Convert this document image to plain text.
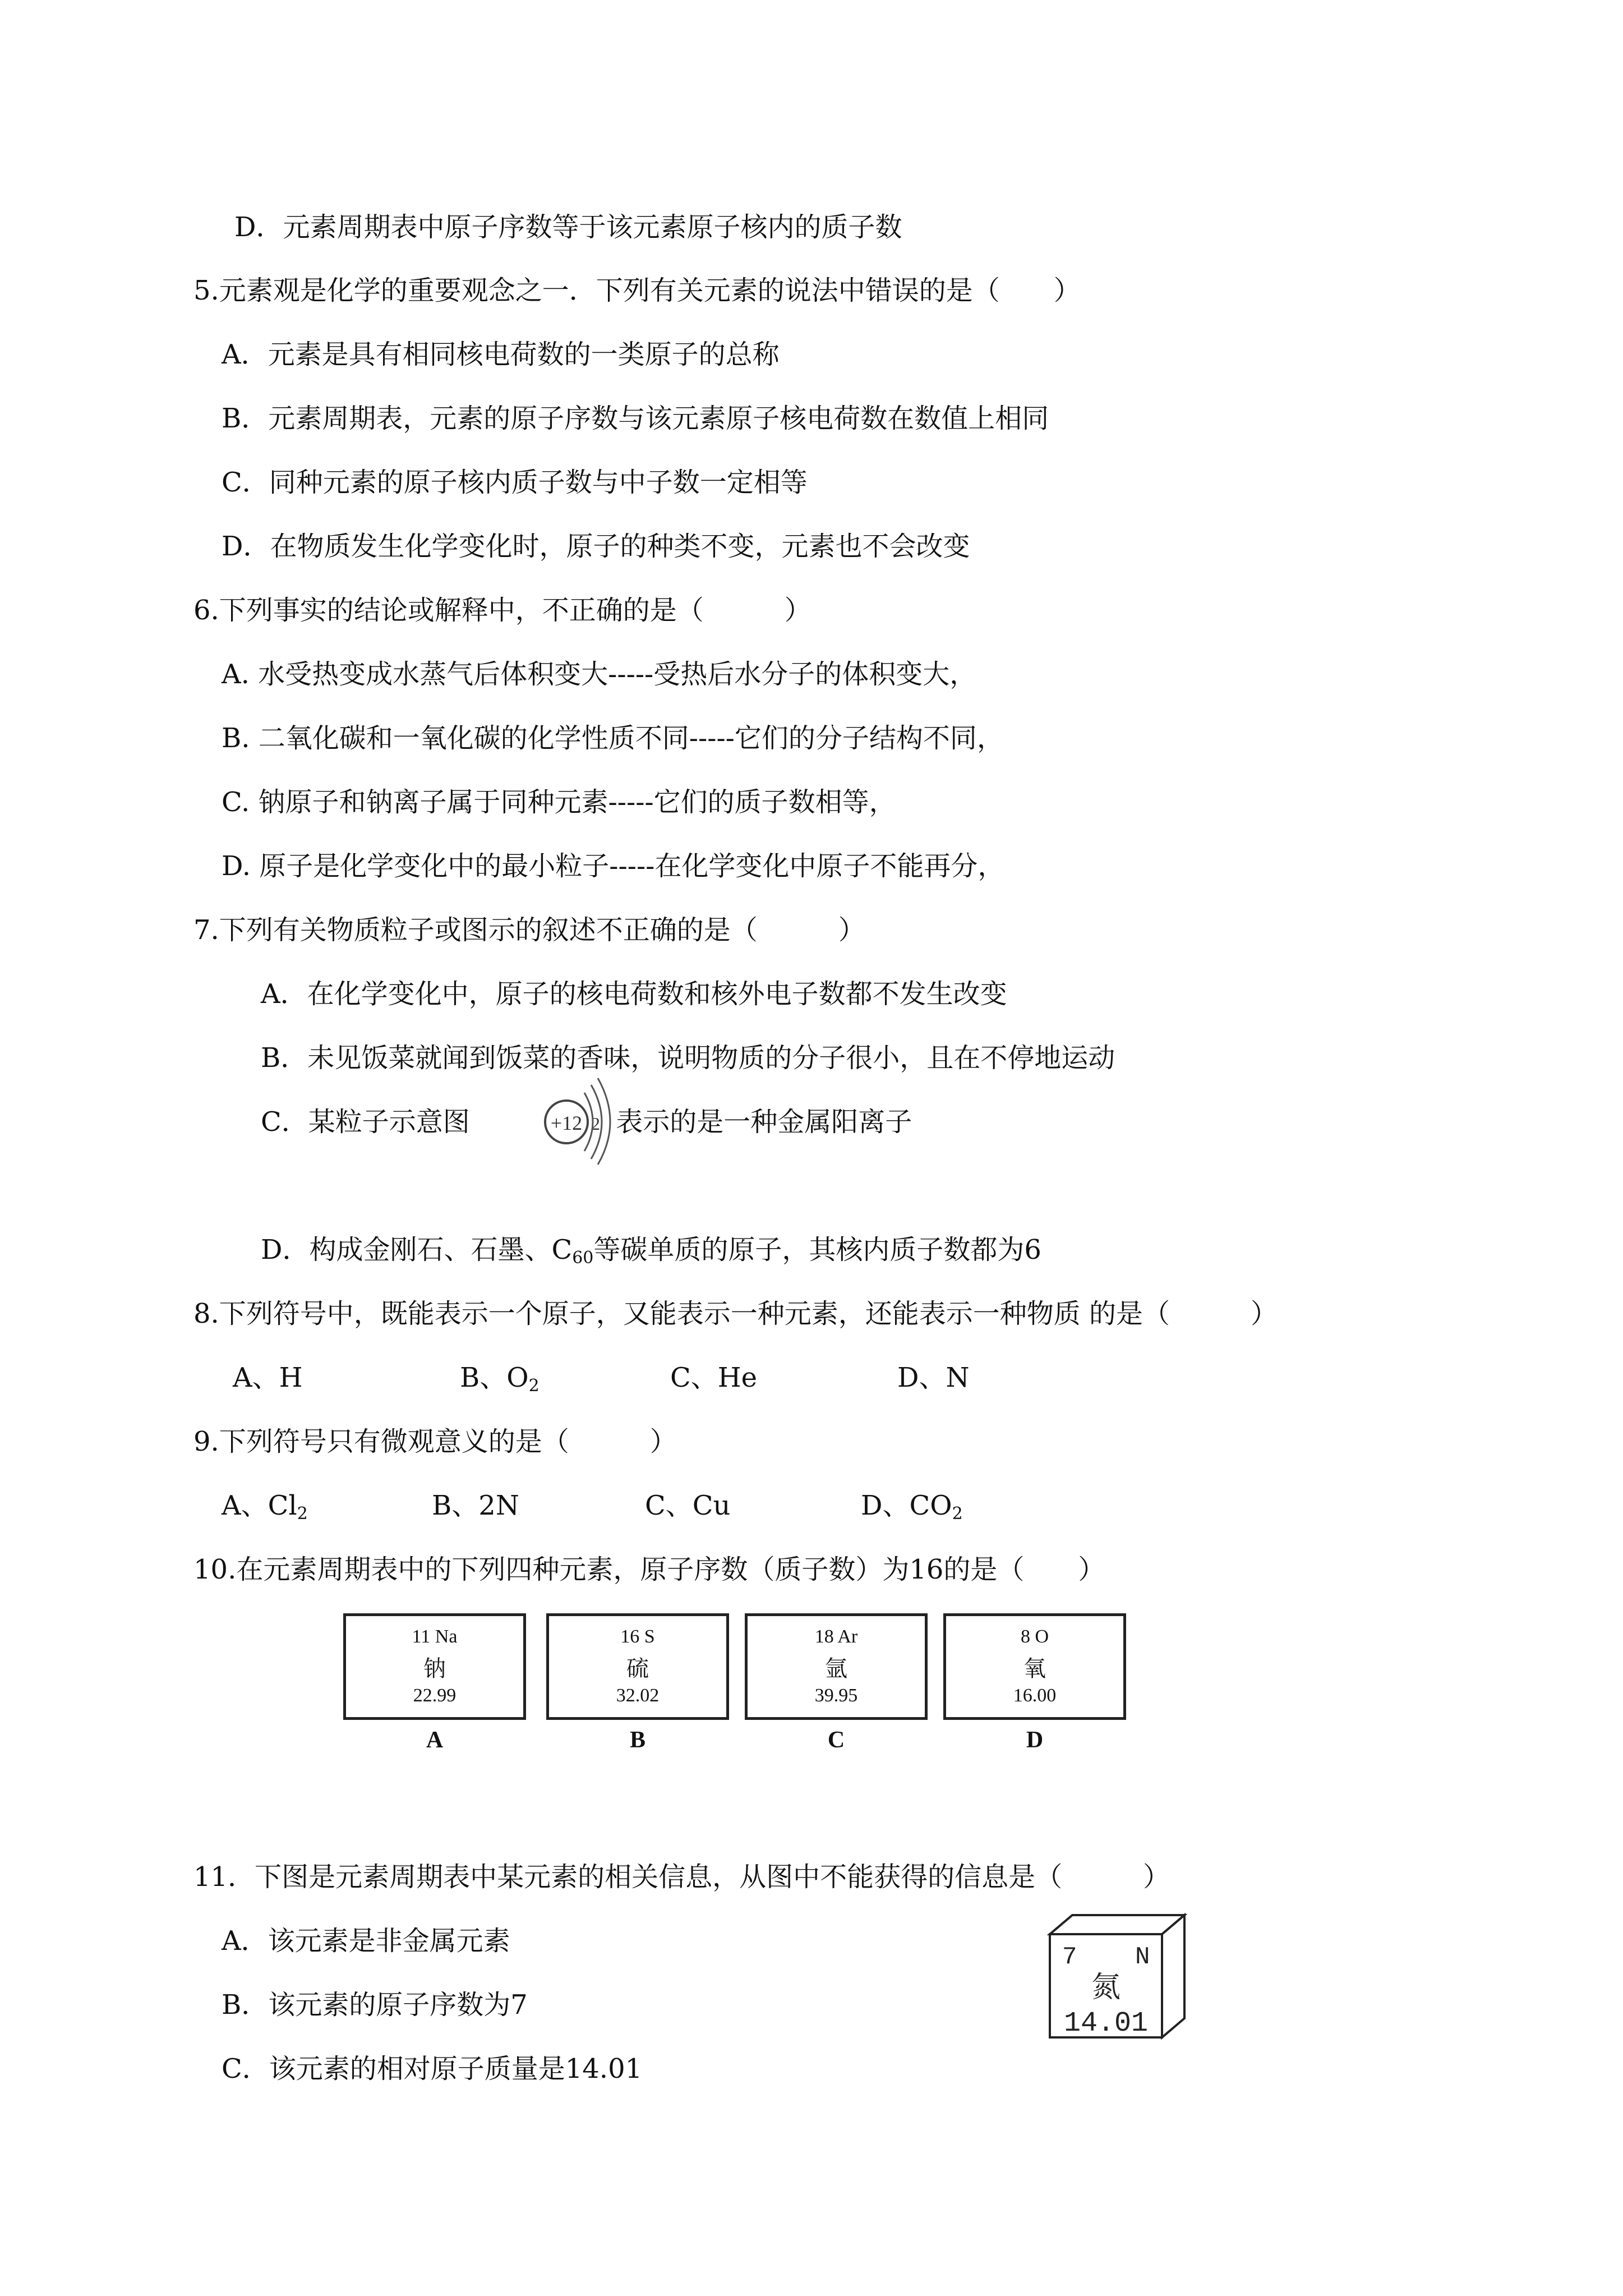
D．元素周期表中原子序数等于该元素原子核内的质子数
5.元素观是化学的重要观念之一．下列有关元素的说法中错误的是（　　）
A．元素是具有相同核电荷数的一类原子的总称
B．元素周期表，元素的原子序数与该元素原子核电荷数在数值上相同
C．同种元素的原子核内质子数与中子数一定相等
D．在物质发生化学变化时，原子的种类不变，元素也不会改变
6.下列事实的结论或解释中，不正确的是（　　　）
A. 水受热变成水蒸气后体积变大-----受热后水分子的体积变大，
B. 二氧化碳和一氧化碳的化学性质不同-----它们的分子结构不同，
C. 钠原子和钠离子属于同种元素-----它们的质子数相等，
D. 原子是化学变化中的最小粒子-----在化学变化中原子不能再分，
7.下列有关物质粒子或图示的叙述不正确的是（　　　）
A．在化学变化中，原子的核电荷数和核外电子数都不发生改变
B．未见饭菜就闻到饭菜的香味，说明物质的分子很小，且在不停地运动
C．某粒子示意图	表示的是一种金属阳离子
+12 2
D．构成金刚石、石墨、$C_{60}$等碳单质的原子，其核内质子数都为6
8.下列符号中，既能表示一个原子，又能表示一种元素，还能表示一种物质 的是（　　　）
A、H	B、$O_2$	C、He	D、N
9.下列符号只有微观意义的是（　　　）
A、$Cl_2$	B、2N	C、Cu	D、$CO_2$
10.在元素周期表中的下列四种元素，原子序数（质子数）为16的是（　　）
11 Na
钠
22.99
A
16 S
硫
32.02
B
18 Ar
氩
39.95
C
8 O
氧
16.00
D
11．下图是元素周期表中某元素的相关信息，从图中不能获得的信息是（　　　）
A．该元素是非金属元素
B．该元素的原子序数为7
C．该元素的相对原子质量是14.01
7 N
氮
14.01
